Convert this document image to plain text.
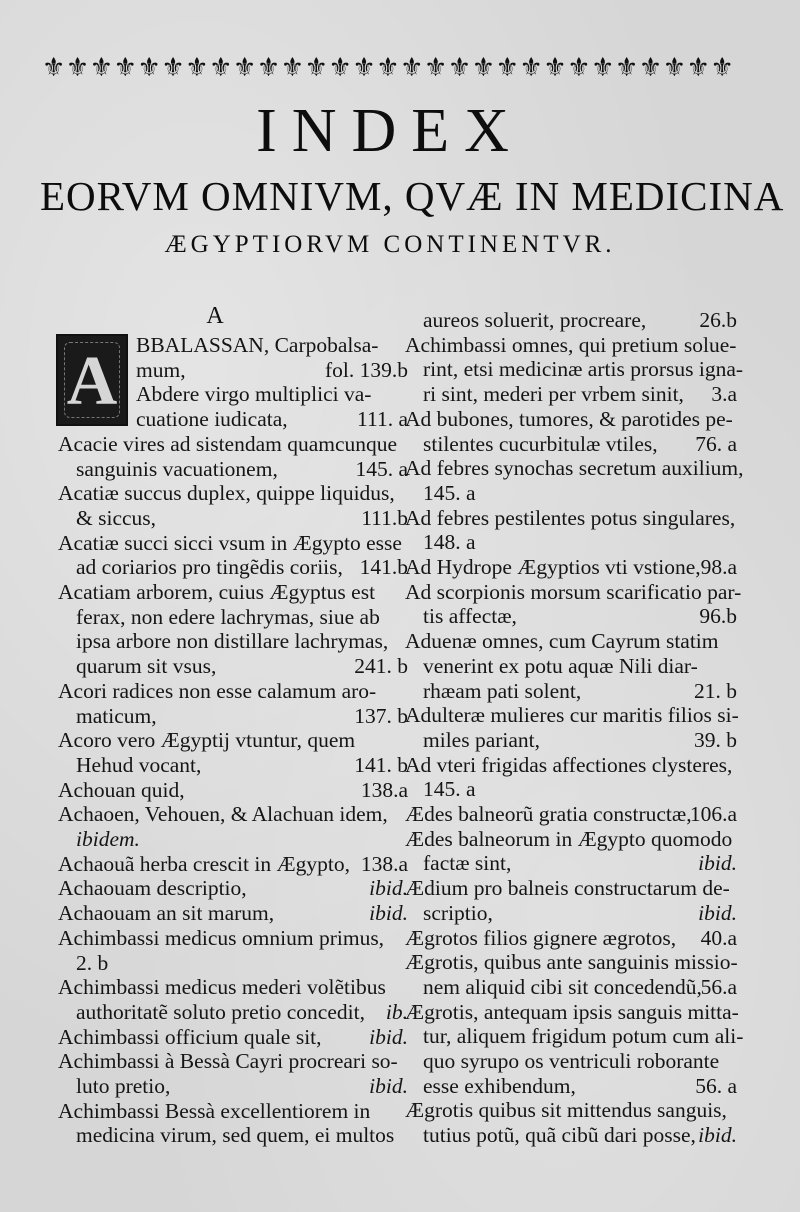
⚜
⚜
⚜
⚜
⚜
⚜
⚜
⚜
⚜
⚜
⚜
⚜
⚜
⚜
⚜
⚜
⚜
⚜
⚜
⚜
⚜
⚜
⚜
⚜
⚜
⚜
⚜
⚜
⚜
INDEX
EORVM OMNIVM, QVÆ IN MEDICINA
ÆGYPTIORVM CONTINENTVR.
A
A BBALASSAN, Carpobalsa-
mum,	fol. 139.b
Abdere virgo multiplici va-
cuatione iudicata,	111. a
Acacie vires ad sistendam quamcunque
sanguinis vacuationem,	145. a
Acatiæ succus duplex, quippe liquidus,
& siccus,	111.b
Acatiæ succi sicci vsum in Ægypto esse
ad coriarios pro tingẽdis coriis, 141.b
Acatiam arborem, cuius Ægyptus est
ferax, non edere lachrymas, siue ab
ipsa arbore non distillare lachrymas,
quarum sit vsus,	241. b
Acori radices non esse calamum aro-
maticum,	137. b
Acoro vero Ægyptij vtuntur, quem
Hehud vocant,	141. b
Achouan quid,	138.a
Achaoen, Vehouen, & Alachuan idem,
ibidem.
Achaouã herba crescit in Ægypto, 138.a
Achaouam descriptio,	ibid.
Achaouam an sit marum,	ibid.
Achimbassi medicus omnium primus,
2. b
Achimbassi medicus mederi volẽtibus
authoritatẽ soluto pretio concedit, ib.
Achimbassi officium quale sit, ibid.
Achimbassi à Bessà Cayri procreari so-
luto pretio,	ibid.
Achimbassi Bessà excellentiorem in
medicina virum, sed quem, ei multos
aureos soluerit, procreare, 26.b
Achimbassi omnes, qui pretium solue-
rint, etsi medicinæ artis prorsus igna-
ri sint, mederi per vrbem sinit, 3.a
Ad bubones, tumores, & parotides pe-
stilentes cucurbitulæ vtiles, 76. a
Ad febres synochas secretum auxilium,
145. a
Ad febres pestilentes potus singulares,
148. a
Ad Hydrope Ægyptios vti vstione, 98.a
Ad scorpionis morsum scarificatio par-
tis affectæ,	96.b
Aduenæ omnes, cum Cayrum statim
venerint ex potu aquæ Nili diar-
rhæam pati solent,	21. b
Adulteræ mulieres cur maritis filios si-
miles pariant,	39. b
Ad vteri frigidas affectiones clysteres,
145. a
Ædes balneorũ gratia constructæ,
106.a
Ædes balneorum in Ægypto quomodo
factæ sint,	ibid.
Ædium pro balneis constructarum de-
scriptio,	ibid.
Ægrotos filios gignere ægrotos, 40.a
Ægrotis, quibus ante sanguinis missio-
nem aliquid cibi sit concedendũ,
56.a
Ægrotis, antequam ipsis sanguis mitta-
tur, aliquem frigidum potum cum ali-
quo syrupo os ventriculi roborante
esse exhibendum,	56. a
Ægrotis quibus sit mittendus sanguis,
tutius potũ, quã cibũ dari posse, ibid.
